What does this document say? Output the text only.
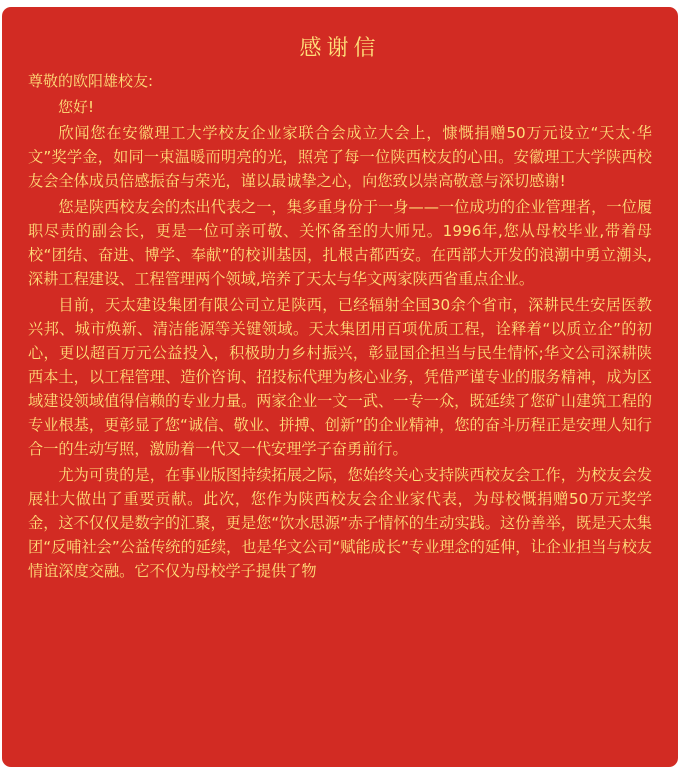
感谢信

尊敬的欧阳雄校友:

您好!

欣闻您在安徽理工大学校友企业家联合会成立大会上，慷慨捐赠50万元设立“天太·华文”奖学金，如同一束温暖而明亮的光，照亮了每一位陕西校友的心田。安徽理工大学陕西校友会全体成员倍感振奋与荣光，谨以最诚挚之心，向您致以崇高敬意与深切感谢!

您是陕西校友会的杰出代表之一，集多重身份于一身——一位成功的企业管理者，一位履职尽责的副会长，更是一位可亲可敬、关怀备至的大师兄。1996年,您从母校毕业,带着母校“团结、奋进、博学、奉献”的校训基因，扎根古都西安。在西部大开发的浪潮中勇立潮头,深耕工程建设、工程管理两个领域,培养了天太与华文两家陕西省重点企业。

目前，天太建设集团有限公司立足陕西，已经辐射全国30余个省市，深耕民生安居医教兴邦、城市焕新、清洁能源等关键领域。天太集团用百项优质工程，诠释着“以质立企”的初心，更以超百万元公益投入，积极助力乡村振兴，彰显国企担当与民生情怀;华文公司深耕陕西本土，以工程管理、造价咨询、招投标代理为核心业务，凭借严谨专业的服务精神，成为区域建设领域值得信赖的专业力量。两家企业一文一武、一专一众，既延续了您矿山建筑工程的专业根基，更彰显了您“诚信、敬业、拼搏、创新”的企业精神，您的奋斗历程正是安理人知行合一的生动写照，激励着一代又一代安理学子奋勇前行。

尤为可贵的是，在事业版图持续拓展之际，您始终关心支持陕西校友会工作，为校友会发展壮大做出了重要贡献。此次，您作为陕西校友会企业家代表，为母校慨捐赠50万元奖学金，这不仅仅是数字的汇聚，更是您“饮水思源”赤子情怀的生动实践。这份善举，既是天太集团“反哺社会”公益传统的延续，也是华文公司“赋能成长”专业理念的延伸，让企业担当与校友情谊深度交融。它不仅为母校学子提供了物
